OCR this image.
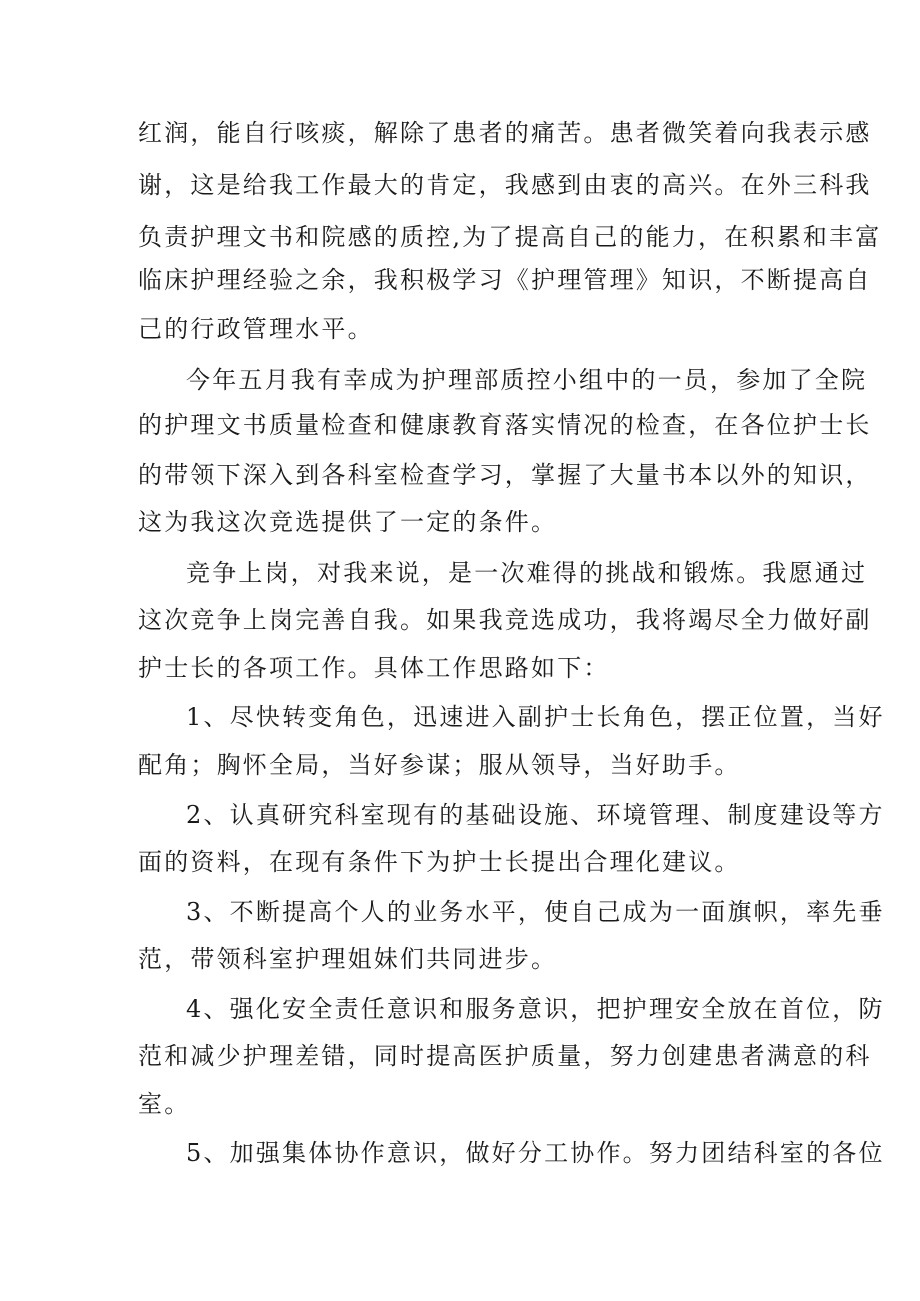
红润，能自行咳痰，解除了患者的痛苦。患者微笑着向我表示感
谢，这是给我工作最大的肯定，我感到由衷的高兴。在外三科我
负责护理文书和院感的质控,为了提高自己的能力，在积累和丰富
临床护理经验之余，我积极学习《护理管理》知识，不断提高自
己的行政管理水平。
今年五月我有幸成为护理部质控小组中的一员，参加了全院
的护理文书质量检查和健康教育落实情况的检查，在各位护士长
的带领下深入到各科室检查学习，掌握了大量书本以外的知识，
这为我这次竞选提供了一定的条件。
竞争上岗，对我来说，是一次难得的挑战和锻炼。我愿通过
这次竞争上岗完善自我。如果我竞选成功，我将竭尽全力做好副
护士长的各项工作。具体工作思路如下：
1、尽快转变角色，迅速进入副护士长角色，摆正位置，当好
配角；胸怀全局，当好参谋；服从领导，当好助手。
2、认真研究科室现有的基础设施、环境管理、制度建设等方
面的资料，在现有条件下为护士长提出合理化建议。
3、不断提高个人的业务水平，使自己成为一面旗帜，率先垂
范，带领科室护理姐妹们共同进步。
4、强化安全责任意识和服务意识，把护理安全放在首位，防
范和减少护理差错，同时提高医护质量，努力创建患者满意的科
室。
5、加强集体协作意识，做好分工协作。努力团结科室的各位
